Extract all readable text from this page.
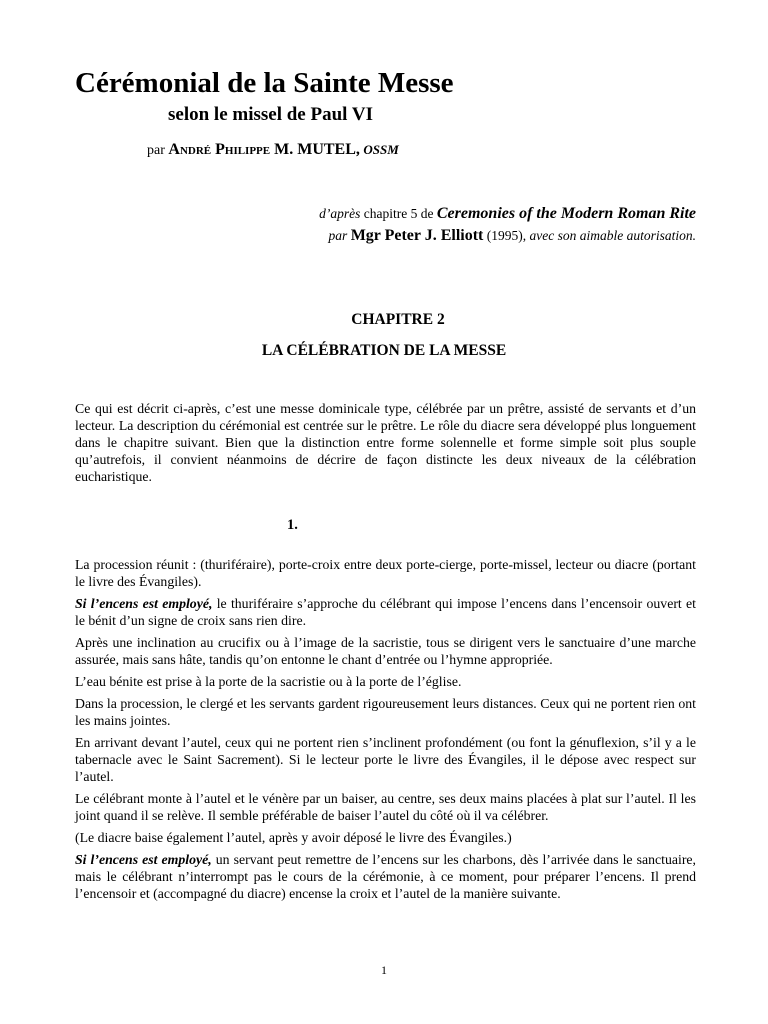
Cérémonial de la Sainte Messe
selon le missel de Paul VI
par André Philippe M. MUTEL, OSSM
d’après chapitre 5 de Ceremonies of the Modern Roman Rite
par Mgr Peter J. Elliott (1995), avec son aimable autorisation.
CHAPITRE 2
LA CÉLÉBRATION DE LA MESSE
Ce qui est décrit ci-après, c’est une messe dominicale type, célébrée par un prêtre, assisté de servants et d’un lecteur. La description du cérémonial est centrée sur le prêtre. Le rôle du diacre sera développé plus longuement dans le chapitre suivant. Bien que la distinction entre forme solennelle et forme simple soit plus souple qu’autrefois, il convient néanmoins de décrire de façon distincte les deux niveaux de la célébration eucharistique.
1.

La procession réunit : (thuriféraire), porte-croix entre deux porte-cierge, porte-missel, lecteur ou diacre (portant le livre des Évangiles).

Si l’encens est employé, le thuriféraire s’approche du célébrant qui impose l’encens dans l’encensoir ouvert et le bénit d’un signe de croix sans rien dire.

Après une inclination au crucifix ou à l’image de la sacristie, tous se dirigent vers le sanctuaire d’une marche assurée, mais sans hâte, tandis qu’on entonne le chant d’entrée ou l’hymne appropriée.

L’eau bénite est prise à la porte de la sacristie ou à la porte de l’église.

Dans la procession, le clergé et les servants gardent rigoureusement leurs distances. Ceux qui ne portent rien ont les mains jointes.

En arrivant devant l’autel, ceux qui ne portent rien s’inclinent profondément (ou font la génuflexion, s’il y a le tabernacle avec le Saint Sacrement). Si le lecteur porte le livre des Évangiles, il le dépose avec respect sur l’autel.

Le célébrant monte à l’autel et le vénère par un baiser, au centre, ses deux mains placées à plat sur l’autel. Il les joint quand il se relève. Il semble préférable de baiser l’autel du côté où il va célébrer.

(Le diacre baise également l’autel, après y avoir déposé le livre des Évangiles.)

Si l’encens est employé, un servant peut remettre de l’encens sur les charbons, dès l’arrivée dans le sanctuaire, mais le célébrant n’interrompt pas le cours de la cérémonie, à ce moment, pour préparer l’encens. Il prend l’encensoir et (accompagné du diacre) encense la croix et l’autel de la manière suivante.

1
